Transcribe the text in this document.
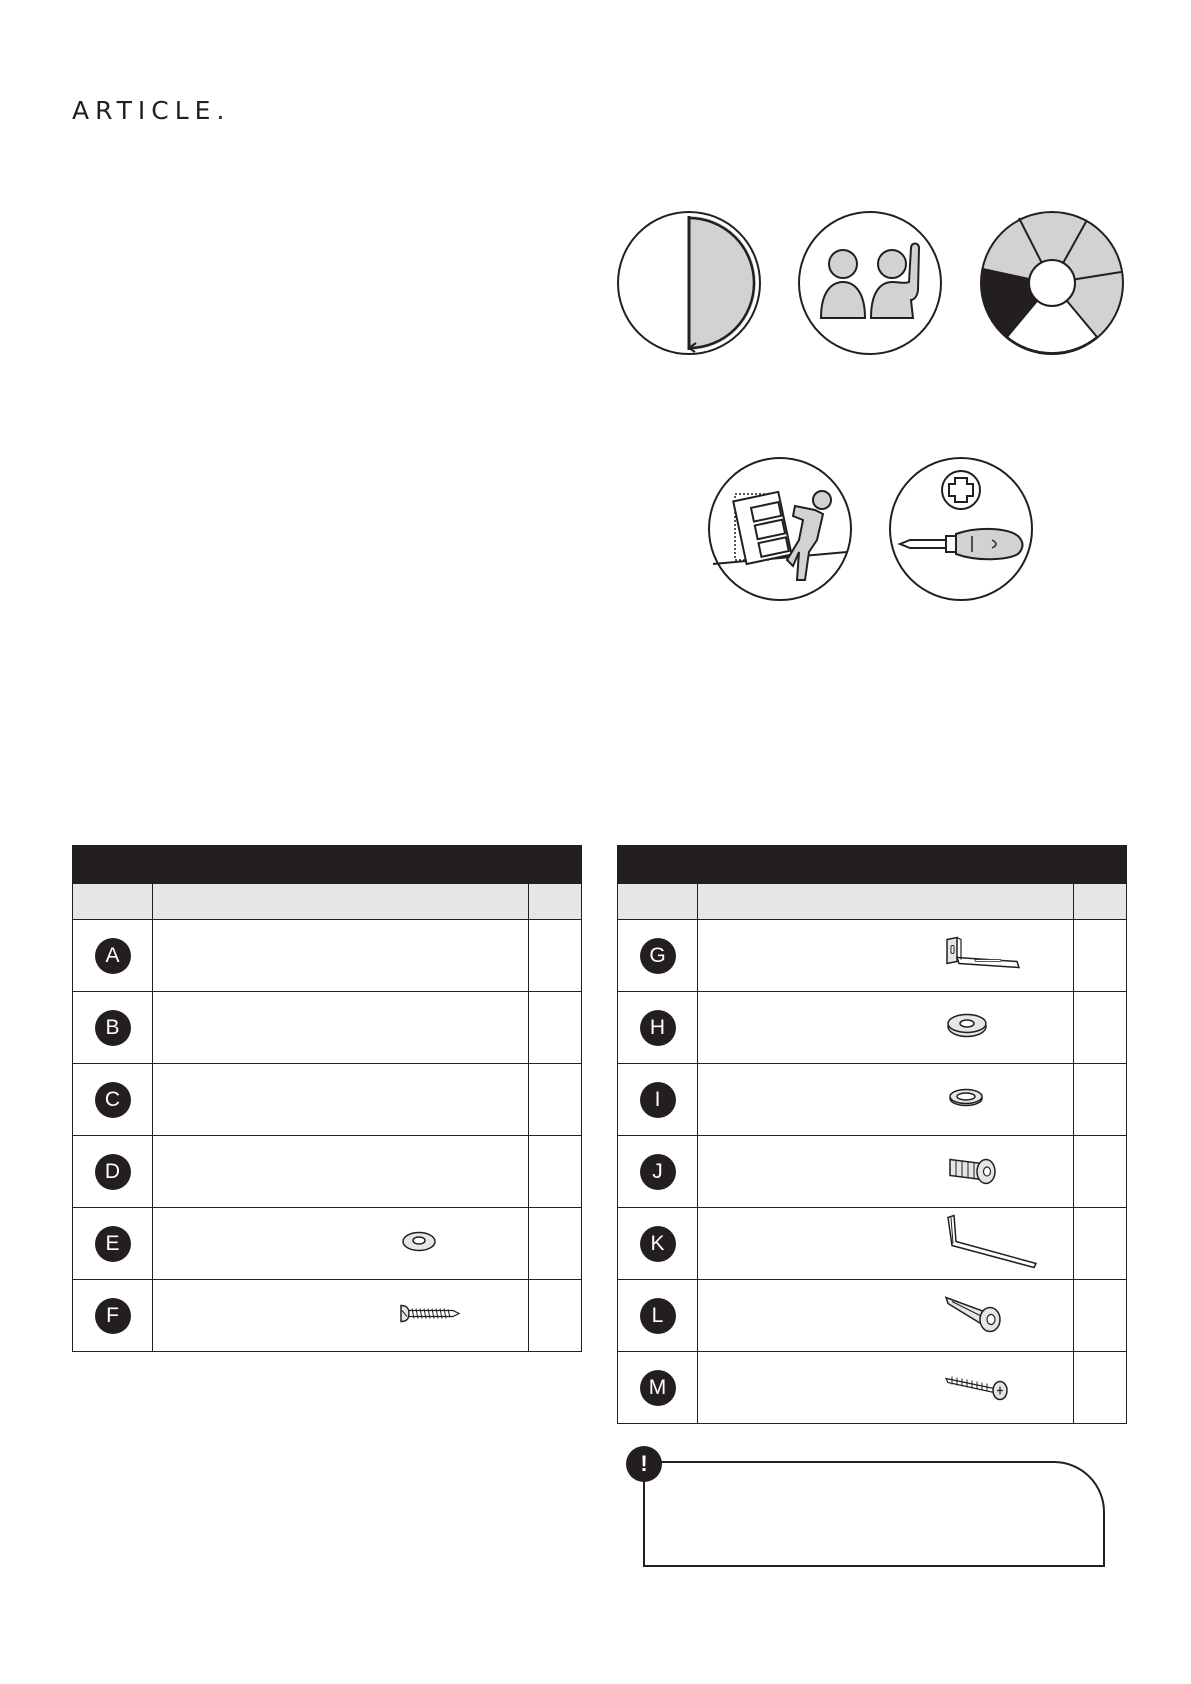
ARTICLE.

A		
B		
C		
D		
E	

F	

G	

H	

I	

J	

K	

L	

M	

!
